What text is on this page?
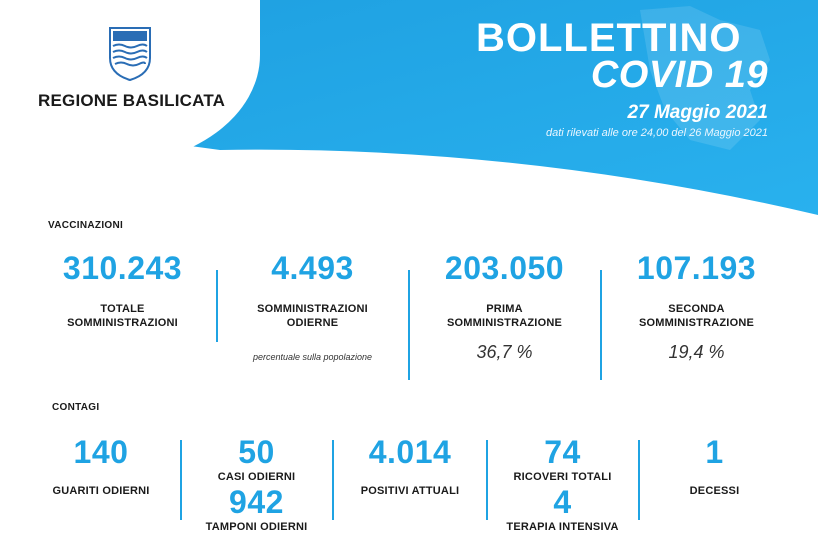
REGIONE BASILICATA
BOLLETTINO
COVID 19
27 Maggio 2021
dati rilevati alle ore 24,00 del 26 Maggio 2021
VACCINAZIONI
310.243
TOTALE
SOMMINISTRAZIONI
4.493
SOMMINISTRAZIONI
ODIERNE
percentuale sulla popolazione
203.050
PRIMA
SOMMINISTRAZIONE
36,7 %
107.193
SECONDA
SOMMINISTRAZIONE
19,4 %
CONTAGI
140
GUARITI ODIERNI
50
CASI ODIERNI
942
TAMPONI ODIERNI
4.014
POSITIVI ATTUALI
74
RICOVERI TOTALI
4
TERAPIA INTENSIVA
1
DECESSI
